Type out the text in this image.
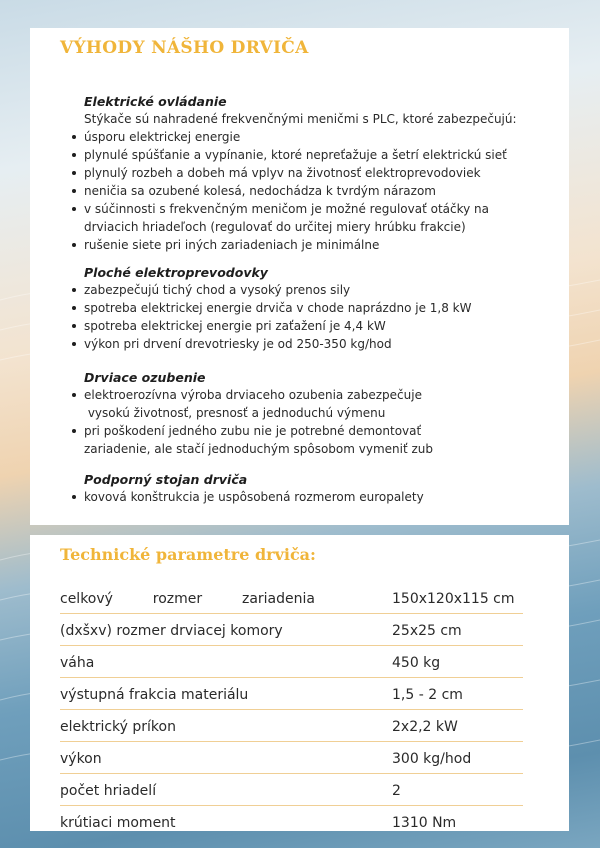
VÝHODY NÁŠHO DRVIČA
Elektrické ovládanie
Stýkače sú nahradené frekvenčnými meničmi s PLC, ktoré zabezpečujú:
úsporu elektrickej energie
plynulé spúšťanie a vypínanie, ktoré nepreťažuje a šetrí elektrickú sieť
plynulý rozbeh a dobeh má vplyv na životnosť elektroprevodoviek
neničia sa ozubené kolesá, nedochádza k tvrdým nárazom
v súčinnosti s frekvenčným meničom je možné regulovať otáčky na
drviacich hriadeľoch (regulovať do určitej miery hrúbku frakcie)
rušenie siete pri iných zariadeniach je minimálne
Ploché elektroprevodovky
zabezpečujú tichý chod a vysoký prenos sily
spotreba elektrickej energie drviča v chode naprázdno je 1,8 kW
spotreba elektrickej energie pri zaťažení je 4,4 kW
výkon pri drvení drevotriesky je od 250-350 kg/hod
Drviace ozubenie
elektroerozívna výroba drviaceho ozubenia zabezpečuje
vysokú životnosť, presnosť a jednoduchú výmenu
pri poškodení jedného zubu nie je potrebné demontovať
zariadenie, ale stačí jednoduchým spôsobom vymeniť zub
Podporný stojan drviča
kovová konštrukcia je uspôsobená rozmerom europalety
Technické parametre drviča:
celkový	rozmer	zariadenia	150x120x115 cm
(dxšxv) rozmer drviacej komory	25x25 cm
váha	450 kg
výstupná frakcia materiálu	1,5 - 2 cm
elektrický príkon	2x2,2 kW
výkon	300 kg/hod
počet hriadelí	2
krútiaci moment	1310 Nm
